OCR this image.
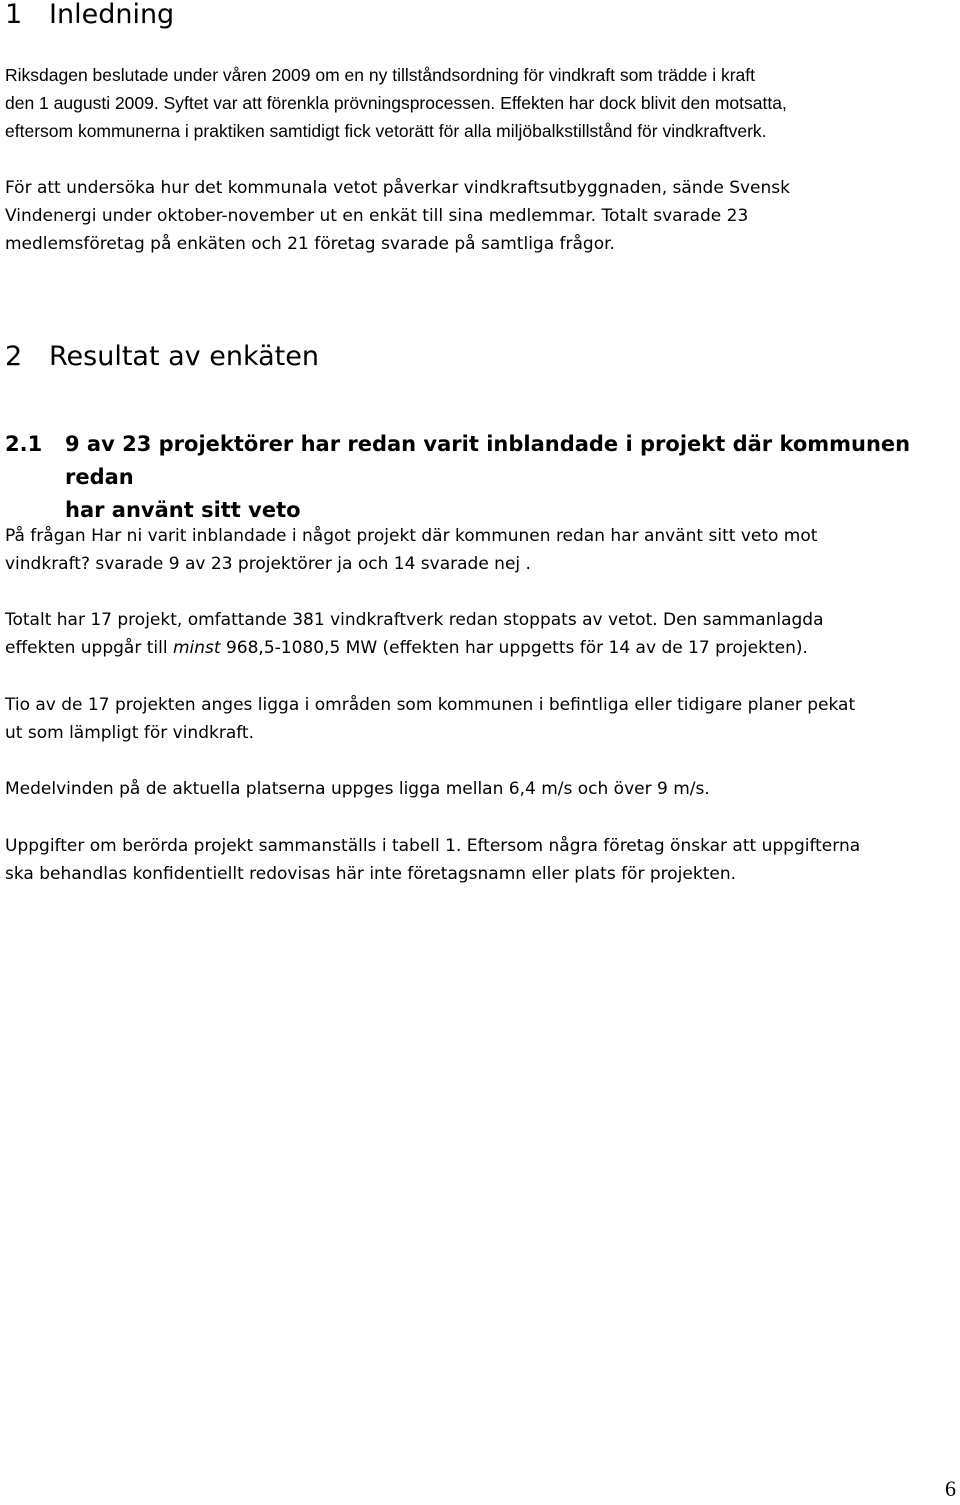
1 Inledning

Riksdagen beslutade under våren 2009 om en ny tillståndsordning för vindkraft som trädde i kraft
den 1 augusti 2009. Syftet var att förenkla prövningsprocessen. Effekten har dock blivit den motsatta,
eftersom kommunerna i praktiken samtidigt fick vetorätt för alla miljöbalkstillstånd för vindkraftverk.

För att undersöka hur det kommunala vetot påverkar vindkraftsutbyggnaden, sände Svensk
Vindenergi under oktober-november ut en enkät till sina medlemmar. Totalt svarade 23
medlemsföretag på enkäten och 21 företag svarade på samtliga frågor.

2 Resultat av enkäten
2.1	9 av 23 projektörer har redan varit inblandade i projekt där kommunen redan
har använt sitt veto

På frågan Har ni varit inblandade i något projekt där kommunen redan har använt sitt veto mot
vindkraft? svarade 9 av 23 projektörer ja och 14 svarade nej .

Totalt har 17 projekt, omfattande 381 vindkraftverk redan stoppats av vetot. Den sammanlagda
effekten uppgår till minst 968,5-1080,5 MW (effekten har uppgetts för 14 av de 17 projekten).

Tio av de 17 projekten anges ligga i områden som kommunen i befintliga eller tidigare planer pekat
ut som lämpligt för vindkraft.

Medelvinden på de aktuella platserna uppges ligga mellan 6,4 m/s och över 9 m/s.

Uppgifter om berörda projekt sammanställs i tabell 1. Eftersom några företag önskar att uppgifterna
ska behandlas konfidentiellt redovisas här inte företagsnamn eller plats för projekten.

6
